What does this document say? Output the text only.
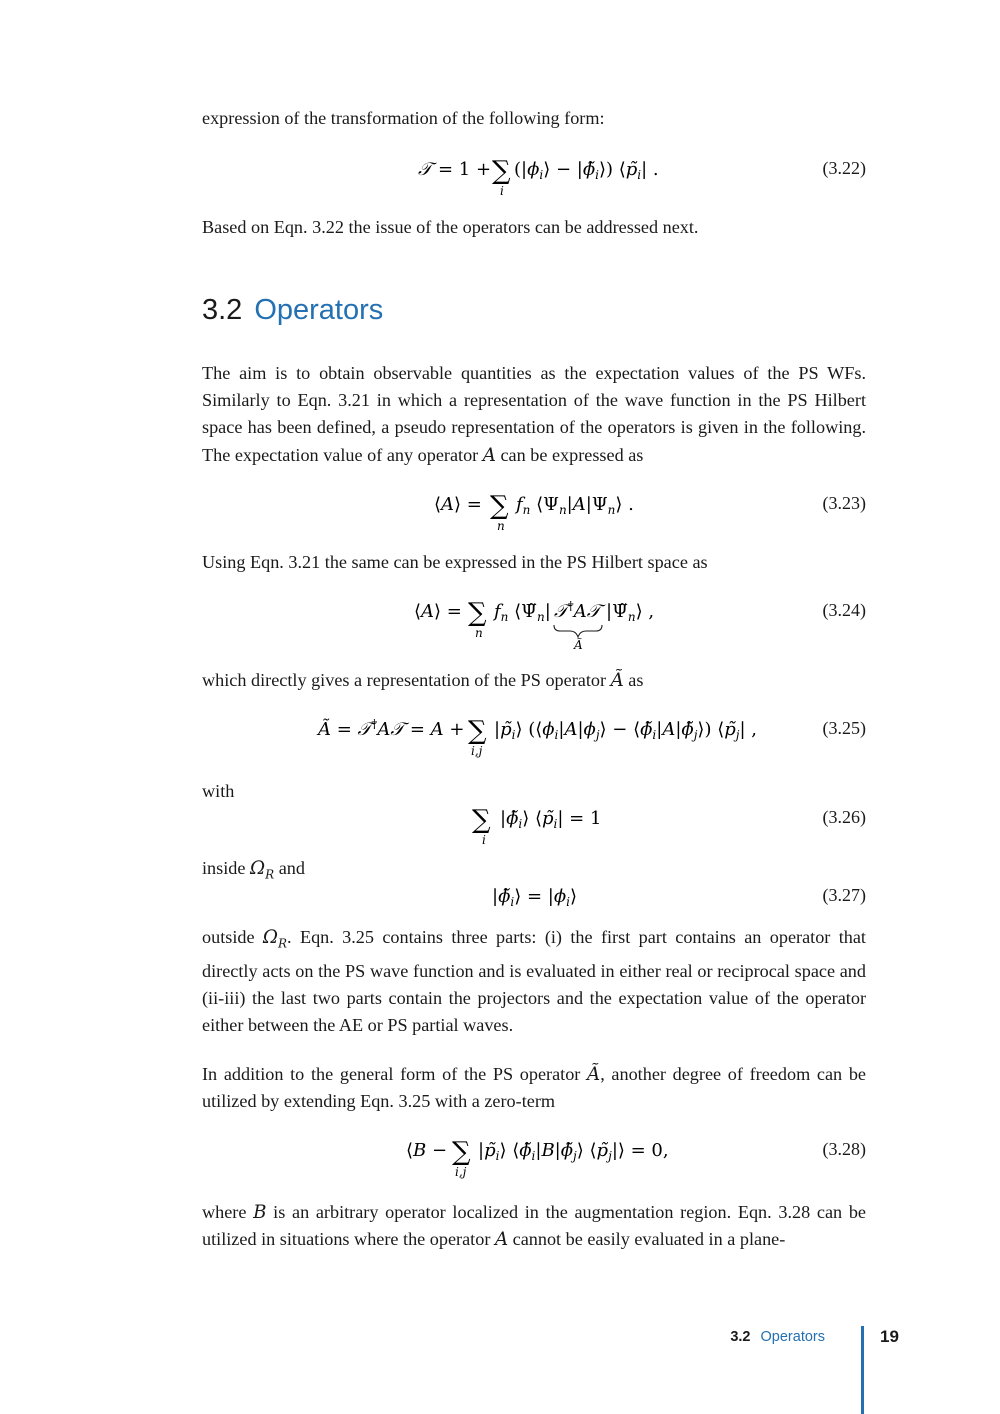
expression of the transformation of the following form:

𝒯 = 1 + ∑
i
($|\phi_i⟩$ − $|\phĩ_i⟩$) $⟨p̃_i|$ .	(3.22)

Based on Eqn. 3.22 the issue of the operators can be addressed next.

3.2 Operators

The aim is to obtain observable quantities as the expectation values of the PS WFs. Similarly to Eqn. 3.21 in which a representation of the wave function in the PS Hilbert space has been defined, a pseudo representation of the operators is given in the following. The expectation value of any operator A can be expressed as

⟨A⟩ = ∑
n
$f_n$ $⟨\Psi_n|A|\Psi_n⟩$ .	(3.23)

Using Eqn. 3.21 the same can be expressed in the PS Hilbert space as

⟨A⟩ = ∑
n
$f_n$ $⟨\Psĩ_n|$ 𝒯†A𝒯
Ã
$|\Psĩ_n⟩$ ,	(3.24)

which directly gives a representation of the PS operator Ã as

Ã = 𝒯†A𝒯 = A + ∑
i,j
$|p̃_i⟩$ ($⟨\phi_i|A|\phi_j⟩$ − $⟨\phĩ_i|A|\phĩ_j⟩$) $⟨p̃_j|$ ,	(3.25)

with

∑
i
$|\phĩ_i⟩$ $⟨p̃_i| = 1$	(3.26)

inside $\Omega_R$ and

$|\phĩ_i⟩$ = $|\phi_i⟩$	(3.27)

outside $\Omega_R$. Eqn. 3.25 contains three parts: (i) the first part contains an operator that directly acts on the PS wave function and is evaluated in either real or reciprocal space and (ii-iii) the last two parts contain the projectors and the expectation value of the operator either between the AE or PS partial waves.

In addition to the general form of the PS operator Ã, another degree of freedom can be utilized by extending Eqn. 3.25 with a zero-term

⟨B − ∑
i,j
$|p̃_i⟩$ $⟨\phĩ_i|B|\phĩ_j⟩$ $⟨p̃_j|⟩ = 0$,	(3.28)

where B is an arbitrary operator localized in the augmentation region. Eqn. 3.28 can be utilized in situations where the operator A cannot be easily evaluated in a plane-

3.2 Operators	19
